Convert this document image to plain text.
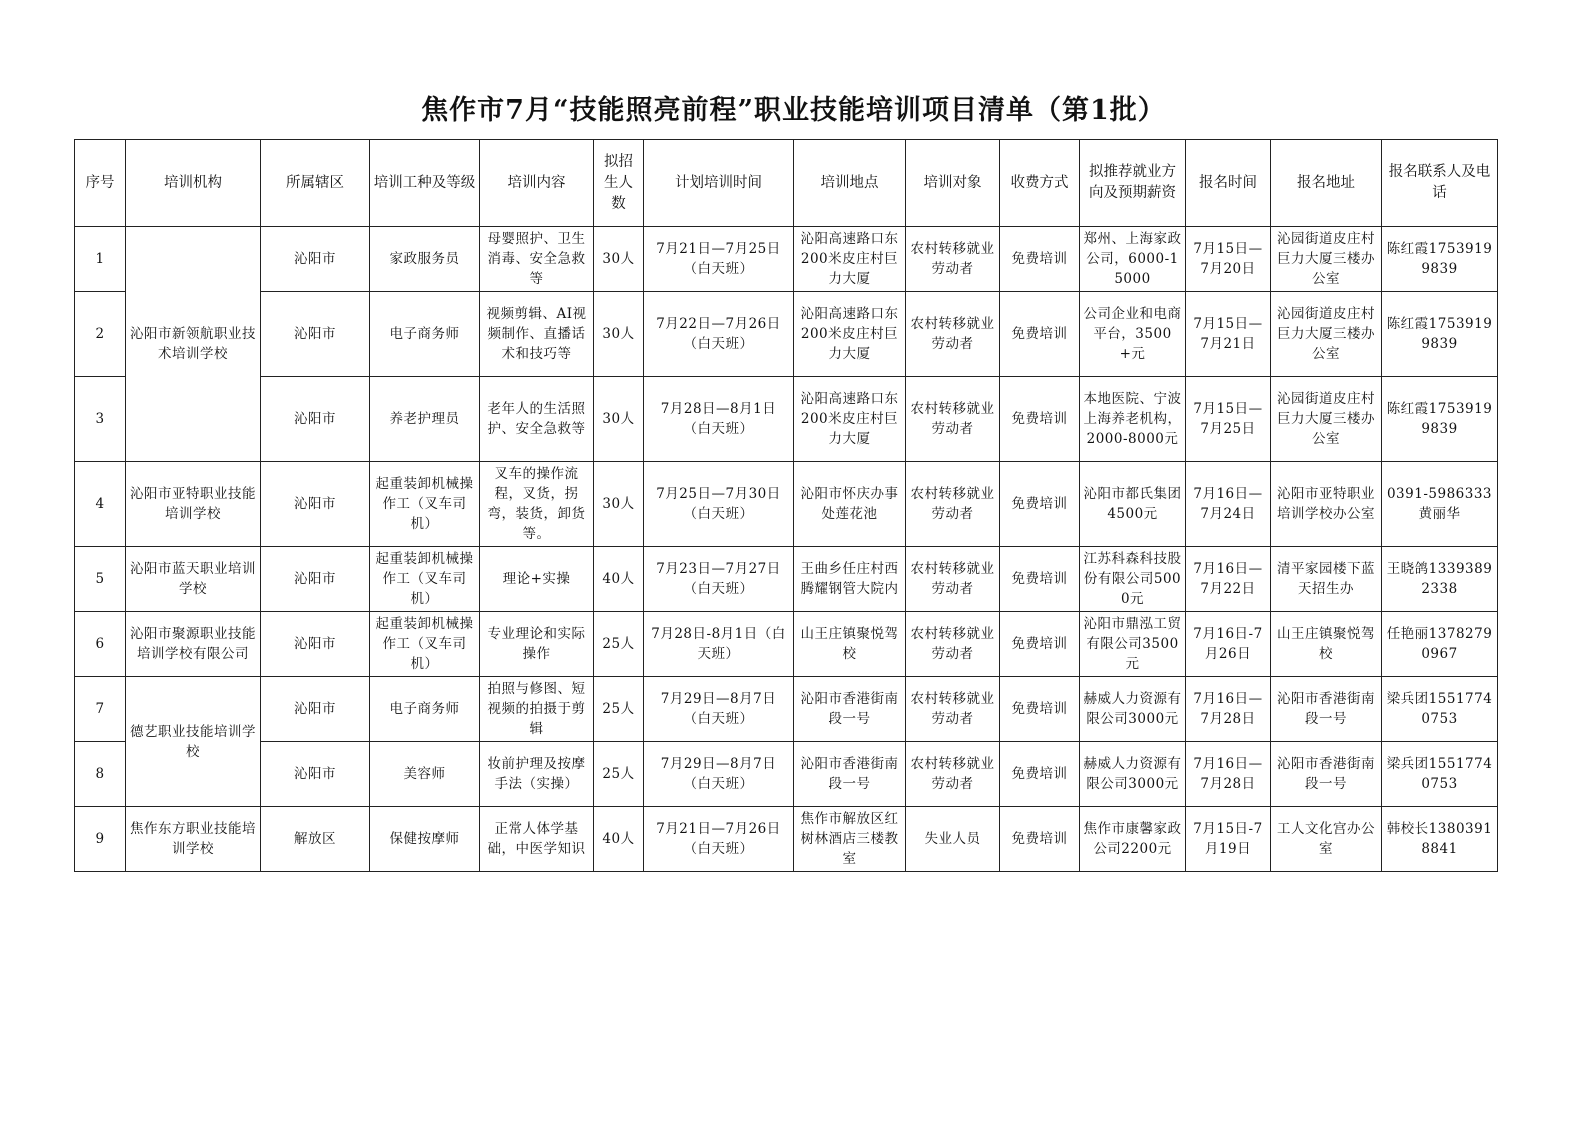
焦作市7月“技能照亮前程”职业技能培训项目清单（第1批）
序号	培训机构	所属辖区	培训工种及等级	培训内容	拟招生人数	计划培训时间	培训地点	培训对象	收费方式	拟推荐就业方向及预期薪资	报名时间	报名地址	报名联系人及电话
1	沁阳市新领航职业技术培训学校	沁阳市	家政服务员	母婴照护、卫生消毒、安全急救等	30人	7月21日—7月25日（白天班）	沁阳高速路口东200米皮庄村巨力大厦	农村转移就业劳动者	免费培训	郑州、上海家政公司，6000-15000	7月15日—7月20日	沁园街道皮庄村巨力大厦三楼办公室	陈红霞17539199839
2		沁阳市	电子商务师	视频剪辑、AI视频制作、直播话术和技巧等	30人	7月22日—7月26日（白天班）	沁阳高速路口东200米皮庄村巨力大厦	农村转移就业劳动者	免费培训	公司企业和电商平台，3500+元	7月15日—7月21日	沁园街道皮庄村巨力大厦三楼办公室	陈红霞17539199839
3		沁阳市	养老护理员	老年人的生活照护、安全急救等	30人	7月28日—8月1日（白天班）	沁阳高速路口东200米皮庄村巨力大厦	农村转移就业劳动者	免费培训	本地医院、宁波上海养老机构，2000-8000元	7月15日—7月25日	沁园街道皮庄村巨力大厦三楼办公室	陈红霞17539199839
4	沁阳市亚特职业技能培训学校	沁阳市	起重装卸机械操作工（叉车司机）	叉车的操作流程，叉货，拐弯，装货，卸货等。	30人	7月25日—7月30日（白天班）	沁阳市怀庆办事处莲花池	农村转移就业劳动者	免费培训	沁阳市都氏集团4500元	7月16日—7月24日	沁阳市亚特职业培训学校办公室	0391-5986333黄丽华
5	沁阳市蓝天职业培训学校	沁阳市	起重装卸机械操作工（叉车司机）	理论+实操	40人	7月23日—7月27日（白天班）	王曲乡任庄村西腾耀钢管大院内	农村转移就业劳动者	免费培训	江苏科森科技股份有限公司5000元	7月16日—7月22日	清平家园楼下蓝天招生办	王晓鸽13393892338
6	沁阳市聚源职业技能培训学校有限公司	沁阳市	起重装卸机械操作工（叉车司机）	专业理论和实际操作	25人	7月28日-8月1日（白天班）	山王庄镇聚悦驾校	农村转移就业劳动者	免费培训	沁阳市鼎泓工贸有限公司3500元	7月16日-7月26日	山王庄镇聚悦驾校	任艳丽13782790967
7	德艺职业技能培训学校	沁阳市	电子商务师	拍照与修图、短视频的拍摄于剪辑	25人	7月29日—8月7日（白天班）	沁阳市香港街南段一号	农村转移就业劳动者	免费培训	赫威人力资源有限公司3000元	7月16日—7月28日	沁阳市香港街南段一号	梁兵团15517740753
8		沁阳市	美容师	妆前护理及按摩手法（实操）	25人	7月29日—8月7日（白天班）	沁阳市香港街南段一号	农村转移就业劳动者	免费培训	赫威人力资源有限公司3000元	7月16日—7月28日	沁阳市香港街南段一号	梁兵团15517740753
9	焦作东方职业技能培训学校	解放区	保健按摩师	正常人体学基础，中医学知识	40人	7月21日—7月26日（白天班）	焦作市解放区红树林酒店三楼教室	失业人员	免费培训	焦作市康馨家政公司2200元	7月15日-7月19日	工人文化宫办公室	韩校长13803918841
